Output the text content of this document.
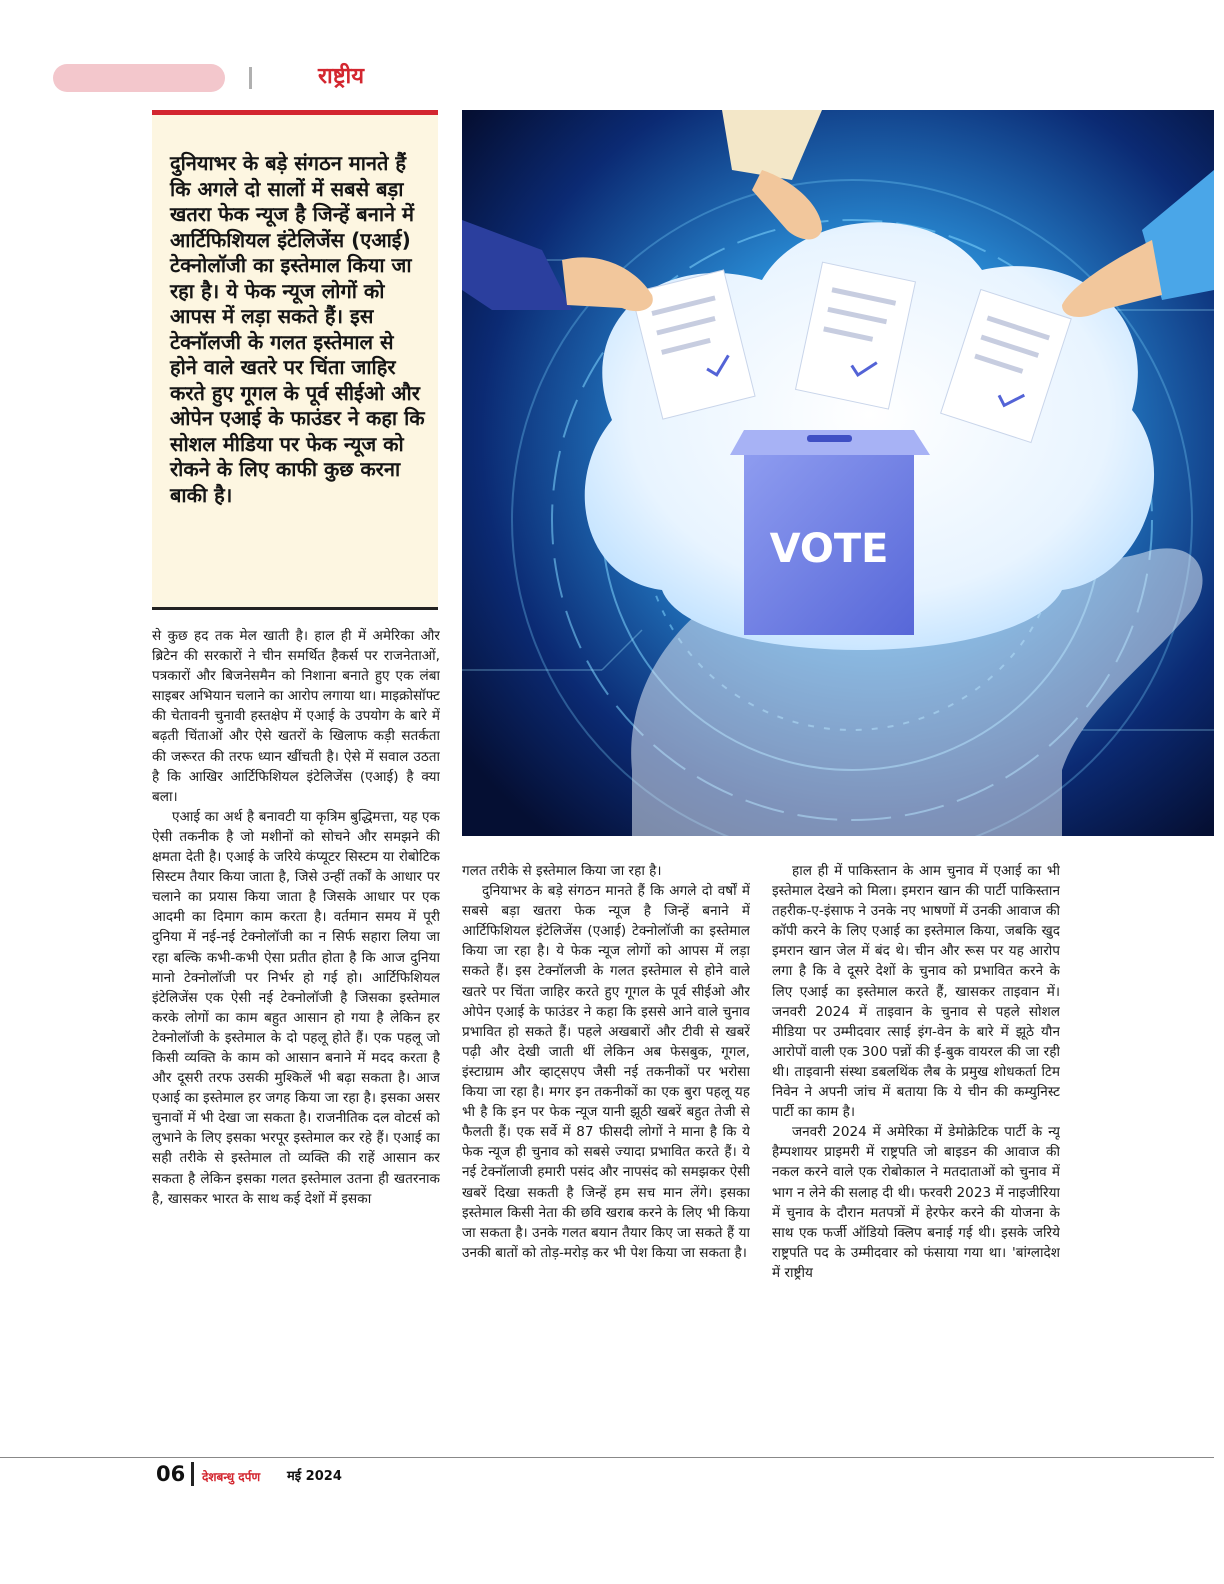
राष्ट्रीय

दुनियाभर के बड़े संगठन मानते हैं कि अगले दो सालों में सबसे बड़ा खतरा फेक न्यूज है जिन्हें बनाने में आर्टिफिशियल इंटेलिजेंस (एआई) टेक्नोलॉजी का इस्तेमाल किया जा रहा है। ये फेक न्यूज लोगों को आपस में लड़ा सकते हैं। इस टेक्नॉलजी के गलत इस्तेमाल से होने वाले खतरे पर चिंता जाहिर करते हुए गूगल के पूर्व सीईओ और ओपेन एआई के फाउंडर ने कहा कि सोशल मीडिया पर फेक न्यूज को रोकने के लिए काफी कुछ करना बाकी है।

VOTE

से कुछ हद तक मेल खाती है। हाल ही में अमेरिका और ब्रिटेन की सरकारों ने चीन समर्थित हैकर्स पर राजनेताओं, पत्रकारों और बिजनेसमैन को निशाना बनाते हुए एक लंबा साइबर अभियान चलाने का आरोप लगाया था। माइक्रोसॉफ्ट की चेतावनी चुनावी हस्तक्षेप में एआई के उपयोग के बारे में बढ़ती चिंताओं और ऐसे खतरों के खिलाफ कड़ी सतर्कता की जरूरत की तरफ ध्यान खींचती है। ऐसे में सवाल उठता है कि आखिर आर्टिफिशियल इंटेलिजेंस (एआई) है क्या बला।

एआई का अर्थ है बनावटी या कृत्रिम बुद्धिमत्ता, यह एक ऐसी तकनीक है जो मशीनों को सोचने और समझने की क्षमता देती है। एआई के जरिये कंप्यूटर सिस्टम या रोबोटिक सिस्टम तैयार किया जाता है, जिसे उन्हीं तर्कों के आधार पर चलाने का प्रयास किया जाता है जिसके आधार पर एक आदमी का दिमाग काम करता है। वर्तमान समय में पूरी दुनिया में नई-नई टेक्नोलॉजी का न सिर्फ सहारा लिया जा रहा बल्कि कभी-कभी ऐसा प्रतीत होता है कि आज दुनिया मानो टेक्नोलॉजी पर निर्भर हो गई हो। आर्टिफिशियल इंटेलिजेंस एक ऐसी नई टेक्नोलॉजी है जिसका इस्तेमाल करके लोगों का काम बहुत आसान हो गया है लेकिन हर टेक्नोलॉजी के इस्तेमाल के दो पहलू होते हैं। एक पहलू जो किसी व्यक्ति के काम को आसान बनाने में मदद करता है और दूसरी तरफ उसकी मुश्किलें भी बढ़ा सकता है। आज एआई का इस्तेमाल हर जगह किया जा रहा है। इसका असर चुनावों में भी देखा जा सकता है। राजनीतिक दल वोटर्स को लुभाने के लिए इसका भरपूर इस्तेमाल कर रहे हैं। एआई का सही तरीके से इस्तेमाल तो व्यक्ति की राहें आसान कर सकता है लेकिन इसका गलत इस्तेमाल उतना ही खतरनाक है, खासकर भारत के साथ कई देशों में इसका

गलत तरीके से इस्तेमाल किया जा रहा है।

दुनियाभर के बड़े संगठन मानते हैं कि अगले दो वर्षों में सबसे बड़ा खतरा फेक न्यूज है जिन्हें बनाने में आर्टिफिशियल इंटेलिजेंस (एआई) टेक्नोलॉजी का इस्तेमाल किया जा रहा है। ये फेक न्यूज लोगों को आपस में लड़ा सकते हैं। इस टेक्नॉलजी के गलत इस्तेमाल से होने वाले खतरे पर चिंता जाहिर करते हुए गूगल के पूर्व सीईओ और ओपेन एआई के फाउंडर ने कहा कि इससे आने वाले चुनाव प्रभावित हो सकते हैं। पहले अखबारों और टीवी से खबरें पढ़ी और देखी जाती थीं लेकिन अब फेसबुक, गूगल, इंस्टाग्राम और व्हाट्सएप जैसी नई तकनीकों पर भरोसा किया जा रहा है। मगर इन तकनीकों का एक बुरा पहलू यह भी है कि इन पर फेक न्यूज यानी झूठी खबरें बहुत तेजी से फैलती हैं। एक सर्वे में 87 फीसदी लोगों ने माना है कि ये फेक न्यूज ही चुनाव को सबसे ज्यादा प्रभावित करते हैं। ये नई टेक्नॉलाजी हमारी पसंद और नापसंद को समझकर ऐसी खबरें दिखा सकती है जिन्हें हम सच मान लेंगे। इसका इस्तेमाल किसी नेता की छवि खराब करने के लिए भी किया जा सकता है। उनके गलत बयान तैयार किए जा सकते हैं या उनकी बातों को तोड़-मरोड़ कर भी पेश किया जा सकता है।

हाल ही में पाकिस्तान के आम चुनाव में एआई का भी इस्तेमाल देखने को मिला। इमरान खान की पार्टी पाकिस्तान तहरीक-ए-इंसाफ ने उनके नए भाषणों में उनकी आवाज की कॉपी करने के लिए एआई का इस्तेमाल किया, जबकि खुद इमरान खान जेल में बंद थे। चीन और रूस पर यह आरोप लगा है कि वे दूसरे देशों के चुनाव को प्रभावित करने के लिए एआई का इस्तेमाल करते हैं, खासकर ताइवान में। जनवरी 2024 में ताइवान के चुनाव से पहले सोशल मीडिया पर उम्मीदवार त्साई इंग-वेन के बारे में झूठे यौन आरोपों वाली एक 300 पन्नों की ई-बुक वायरल की जा रही थी। ताइवानी संस्था डबलथिंक लैब के प्रमुख शोधकर्ता टिम निवेन ने अपनी जांच में बताया कि ये चीन की कम्युनिस्ट पार्टी का काम है।

जनवरी 2024 में अमेरिका में डेमोक्रेटिक पार्टी के न्यू हैम्पशायर प्राइमरी में राष्ट्रपति जो बाइडन की आवाज की नकल करने वाले एक रोबोकाल ने मतदाताओं को चुनाव में भाग न लेने की सलाह दी थी। फरवरी 2023 में नाइजीरिया में चुनाव के दौरान मतपत्रों में हेरफेर करने की योजना के साथ एक फर्जी ऑडियो क्लिप बनाई गई थी। इसके जरिये राष्ट्रपति पद के उम्मीदवार को फंसाया गया था। 'बांग्लादेश में राष्ट्रीय

06 देशबन्धु दर्पण मई 2024
